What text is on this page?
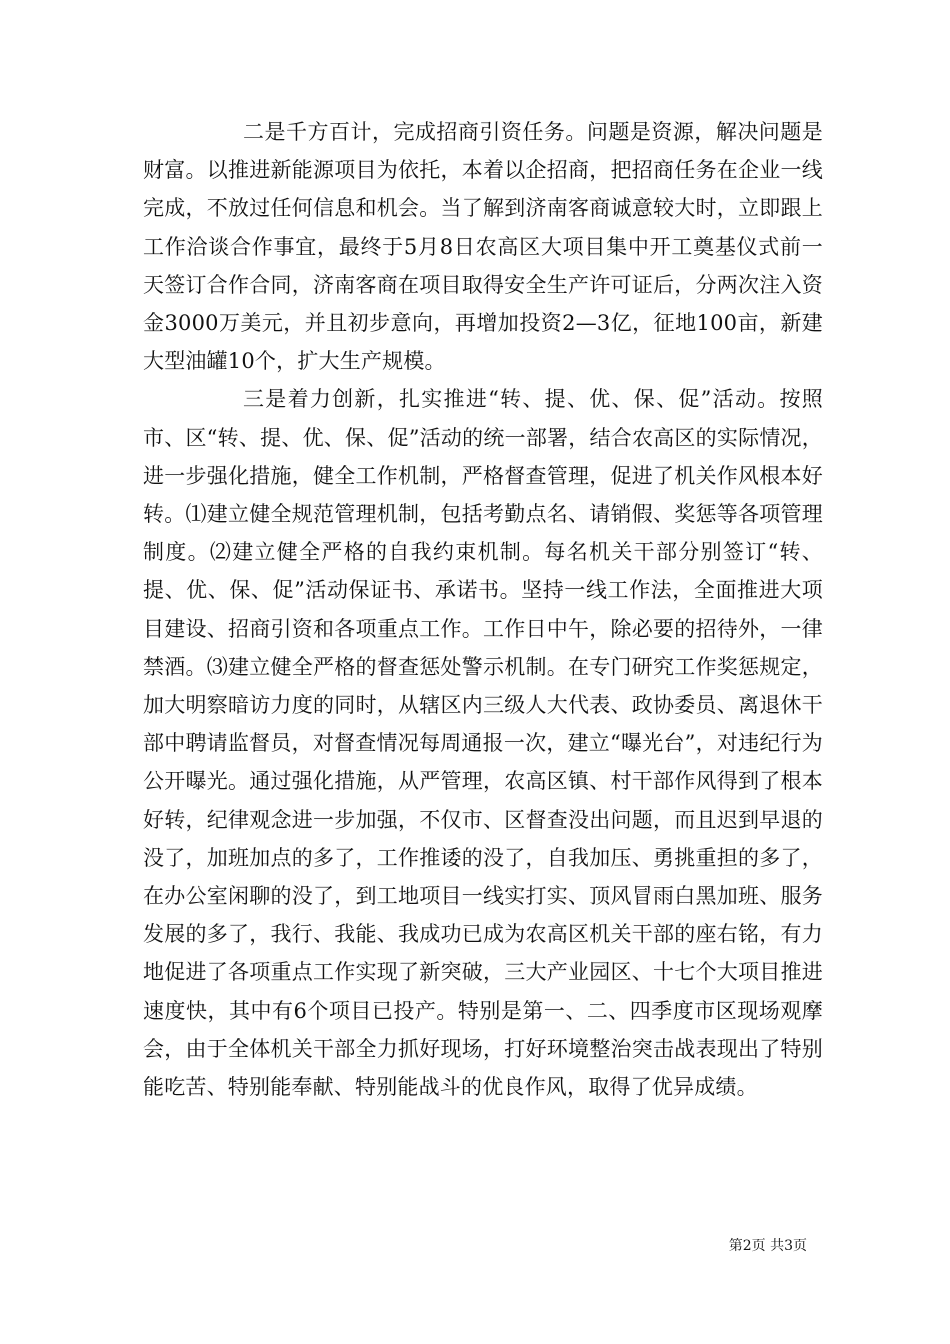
二是千方百计，完成招商引资任务。问题是资源，解决问题是财富。以推进新能源项目为依托，本着以企招商，把招商任务在企业一线完成，不放过任何信息和机会。当了解到济南客商诚意较大时，立即跟上工作洽谈合作事宜，最终于5月8日农高区大项目集中开工奠基仪式前一天签订合作合同，济南客商在项目取得安全生产许可证后，分两次注入资金3000万美元，并且初步意向，再增加投资2—3亿，征地100亩，新建大型油罐10个，扩大生产规模。

三是着力创新，扎实推进“转、提、优、保、促”活动。按照市、区“转、提、优、保、促”活动的统一部署，结合农高区的实际情况，进一步强化措施，健全工作机制，严格督查管理，促进了机关作风根本好转。⑴建立健全规范管理机制，包括考勤点名、请销假、奖惩等各项管理制度。⑵建立健全严格的自我约束机制。每名机关干部分别签订“转、提、优、保、促”活动保证书、承诺书。坚持一线工作法，全面推进大项目建设、招商引资和各项重点工作。工作日中午，除必要的招待外，一律禁酒。⑶建立健全严格的督查惩处警示机制。在专门研究工作奖惩规定，加大明察暗访力度的同时，从辖区内三级人大代表、政协委员、离退休干部中聘请监督员，对督查情况每周通报一次，建立“曝光台”，对违纪行为公开曝光。通过强化措施，从严管理，农高区镇、村干部作风得到了根本好转，纪律观念进一步加强，不仅市、区督查没出问题，而且迟到早退的没了，加班加点的多了，工作推诿的没了，自我加压、勇挑重担的多了，在办公室闲聊的没了，到工地项目一线实打实、顶风冒雨白黑加班、服务发展的多了，我行、我能、我成功已成为农高区机关干部的座右铭，有力地促进了各项重点工作实现了新突破，三大产业园区、十七个大项目推进速度快，其中有6个项目已投产。特别是第一、二、四季度市区现场观摩会，由于全体机关干部全力抓好现场，打好环境整治突击战表现出了特别能吃苦、特别能奉献、特别能战斗的优良作风，取得了优异成绩。

第2页 共3页
